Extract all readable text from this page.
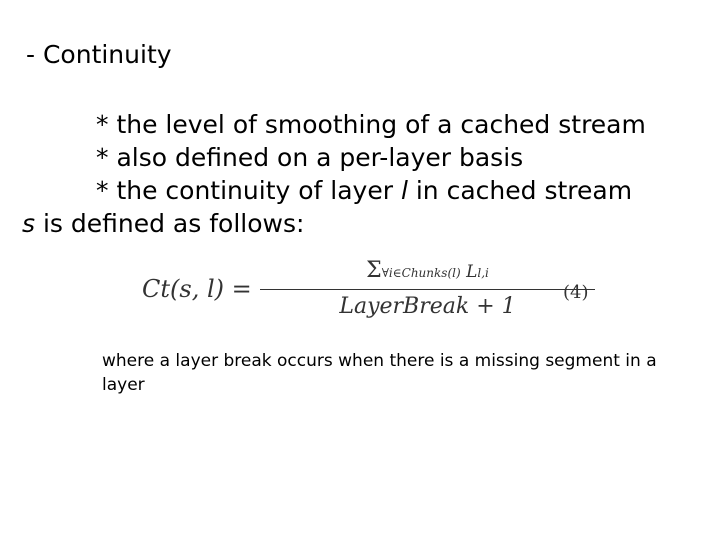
- Continuity
* the level of smoothing of a cached stream
* also defined on a per-layer basis
* the continuity of layer l in cached stream
s is defined as follows:
Ct(s, l) =
Σ∀i∈Chunks(l) Ll,i
LayerBreak + 1
(4)
where a layer break occurs when there is a missing segment in a layer
